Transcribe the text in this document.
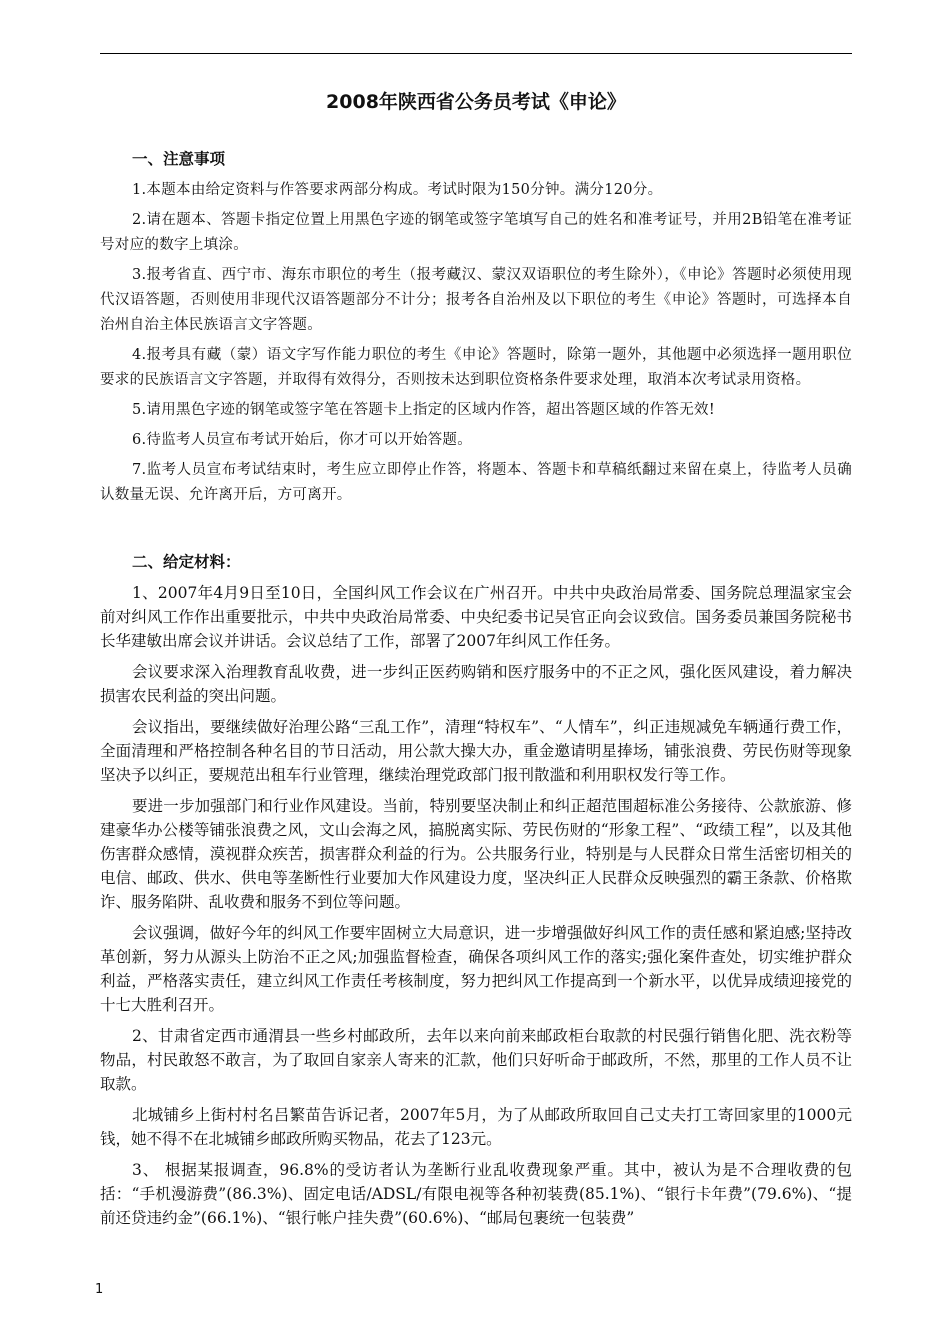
2008年陕西省公务员考试《申论》
一、注意事项

1.本题本由给定资料与作答要求两部分构成。考试时限为150分钟。满分120分。

2.请在题本、答题卡指定位置上用黑色字迹的钢笔或签字笔填写自己的姓名和准考证号，并用2B铅笔在准考证号对应的数字上填涂。

3.报考省直、西宁市、海东市职位的考生（报考藏汉、蒙汉双语职位的考生除外），《申论》答题时必须使用现代汉语答题，否则使用非现代汉语答题部分不计分；报考各自治州及以下职位的考生《申论》答题时，可选择本自治州自治主体民族语言文字答题。

4.报考具有藏（蒙）语文字写作能力职位的考生《申论》答题时，除第一题外，其他题中必须选择一题用职位要求的民族语言文字答题，并取得有效得分，否则按未达到职位资格条件要求处理，取消本次考试录用资格。

5.请用黑色字迹的钢笔或签字笔在答题卡上指定的区域内作答，超出答题区域的作答无效!

6.待监考人员宣布考试开始后，你才可以开始答题。

7.监考人员宣布考试结束时，考生应立即停止作答，将题本、答题卡和草稿纸翻过来留在桌上，待监考人员确认数量无误、允许离开后，方可离开。

二、给定材料：

1、2007年4月9日至10日，全国纠风工作会议在广州召开。中共中央政治局常委、国务院总理温家宝会前对纠风工作作出重要批示，中共中央政治局常委、中央纪委书记吴官正向会议致信。国务委员兼国务院秘书长华建敏出席会议并讲话。会议总结了工作，部署了2007年纠风工作任务。

会议要求深入治理教育乱收费，进一步纠正医药购销和医疗服务中的不正之风，强化医风建设，着力解决损害农民利益的突出问题。

会议指出，要继续做好治理公路“三乱工作”，清理“特权车”、“人情车”，纠正违规减免车辆通行费工作，全面清理和严格控制各种名目的节日活动，用公款大操大办，重金邀请明星捧场，铺张浪费、劳民伤财等现象坚决予以纠正，要规范出租车行业管理，继续治理党政部门报刊散滥和利用职权发行等工作。

要进一步加强部门和行业作风建设。当前，特别要坚决制止和纠正超范围超标准公务接待、公款旅游、修建豪华办公楼等铺张浪费之风，文山会海之风，搞脱离实际、劳民伤财的“形象工程”、“政绩工程”，以及其他伤害群众感情，漠视群众疾苦，损害群众利益的行为。公共服务行业，特别是与人民群众日常生活密切相关的电信、邮政、供水、供电等垄断性行业要加大作风建设力度，坚决纠正人民群众反映强烈的霸王条款、价格欺诈、服务陷阱、乱收费和服务不到位等问题。

会议强调，做好今年的纠风工作要牢固树立大局意识，进一步增强做好纠风工作的责任感和紧迫感;坚持改革创新，努力从源头上防治不正之风;加强监督检查，确保各项纠风工作的落实;强化案件查处，切实维护群众利益，严格落实责任，建立纠风工作责任考核制度，努力把纠风工作提高到一个新水平，以优异成绩迎接党的十七大胜利召开。

2、甘肃省定西市通渭县一些乡村邮政所，去年以来向前来邮政柜台取款的村民强行销售化肥、洗衣粉等物品，村民敢怒不敢言，为了取回自家亲人寄来的汇款，他们只好听命于邮政所，不然，那里的工作人员不让取款。

北城铺乡上街村村名吕繁苗告诉记者，2007年5月，为了从邮政所取回自己丈夫打工寄回家里的1000元钱，她不得不在北城铺乡邮政所购买物品，花去了123元。

3、 根据某报调查，96.8%的受访者认为垄断行业乱收费现象严重。其中，被认为是不合理收费的包括：“手机漫游费”(86.3%)、固定电话/ADSL/有限电视等各种初装费(85.1%)、“银行卡年费”(79.6%)、“提前还贷违约金”(66.1%)、“银行帐户挂失费”(60.6%)、“邮局包裹统一包装费”

1
